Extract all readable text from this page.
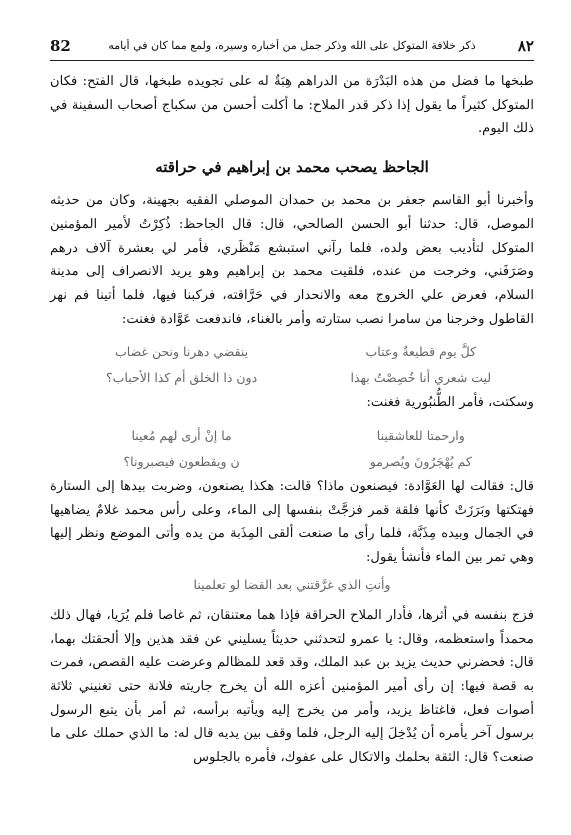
٨٢
ذكر خلافة المتوكل على الله وذكر جمل من أخباره وسيره، ولمع مما كان في أيامه
82

طبخها ما فضل من هذه البَدْرَة من الدراهم هِبَةٌ له على تجويده طبخها، قال الفتح: فكان المتوكل كثيراً ما يقول إذا ذكر قدر الملاح: ما أكلت أحسن من سكباج أصحاب السفينة في ذلك اليوم.

الجاحظ يصحب محمد بن إبراهيم في حراقته

وأخبرنا أبو القاسم جعفر بن محمد بن حمدان الموصلي الفقيه بجهينة، وكان من حديثه الموصل، قال: حدثنا أبو الحسن الصالحي، قال: قال الجاحظ: ذُكِرْتُ لأمير المؤمنين المتوكل لتأديب بعض ولده، فلما رآني استبشع مَنْظَري، فأمر لي بعشرة آلاف درهم وصَرَفَني، وخرجت من عنده، فلقيت محمد بن إبراهيم وهو يريد الانصراف إلى مدينة السلام، فعرض علي الخروج معه والانحدار في حَرَّاقته، فركبنا فيها، فلما أتينا فم نهر القاطول وخرجنا من سامرا نصب ستارته وأمر بالغناء، فاندفعت عَوَّادة فغنت:

كلَّ يوم قطيعةٌ وعتاب
ينقضي دهرنا ونحن غضاب
ليت شعري أنا خُصِصْتُ بهذا
دون ذا الخلق أم كذا الأحباب؟

وسكتت، فأمر الطُّنبُورية فغنت:

وارحمتا للعاشقينا
ما إنْ أرى لهم مُعينا
كم يُهْجَرُونَ ويُصرمو
ن ويقطعون فيصبرونا؟

قال: فقالت لها العَوَّادة: فيصنعون ماذا؟ قالت: هكذا يصنعون، وضربت بيدها إلى الستارة فهتكتها وبَرَزَتْ كأنها فلقة قمر فزجَّتْ بنفسها إلى الماء، وعلى رأس محمد غلامٌ يضاهيها في الجمال وبيده مِذَبَّة، فلما رأى ما صنعت ألقى المِذَبة من يده وأتى الموضع ونظر إليها وهي تمر بين الماء فأنشأ يقول:

وأنتِ الذي غرَّقتني بعد القضا لو تعلمينا

فزج بنفسه في أثرها، فأدار الملاح الحراقة فإذا هما معتنقان، ثم غاصا فلم يُرَيا، فهال ذلك محمداً واستعظمه، وقال: يا عمرو لتحدثني حديثاً يسليني عن فقد هذين وإلا ألحقتك بهما، قال: فحضرني حديث يزيد بن عبد الملك، وقد قعد للمظالم وعرضت عليه القصص، فمرت به قصة فيها: إن رأى أمير المؤمنين أعزه الله أن يخرج جاريته فلانة حتى تغنيني ثلاثة أصوات فعل، فاغتاظ يزيد، وأمر من يخرج إليه ويأتيه برأسه، ثم أمر بأن يتبع الرسول برسول آخر يأمره أن يُدْخِلَ إليه الرجل، فلما وقف بين يديه قال له: ما الذي حملك على ما صنعت؟ قال: الثقة بحلمك والاتكال على عفوك، فأمره بالجلوس
